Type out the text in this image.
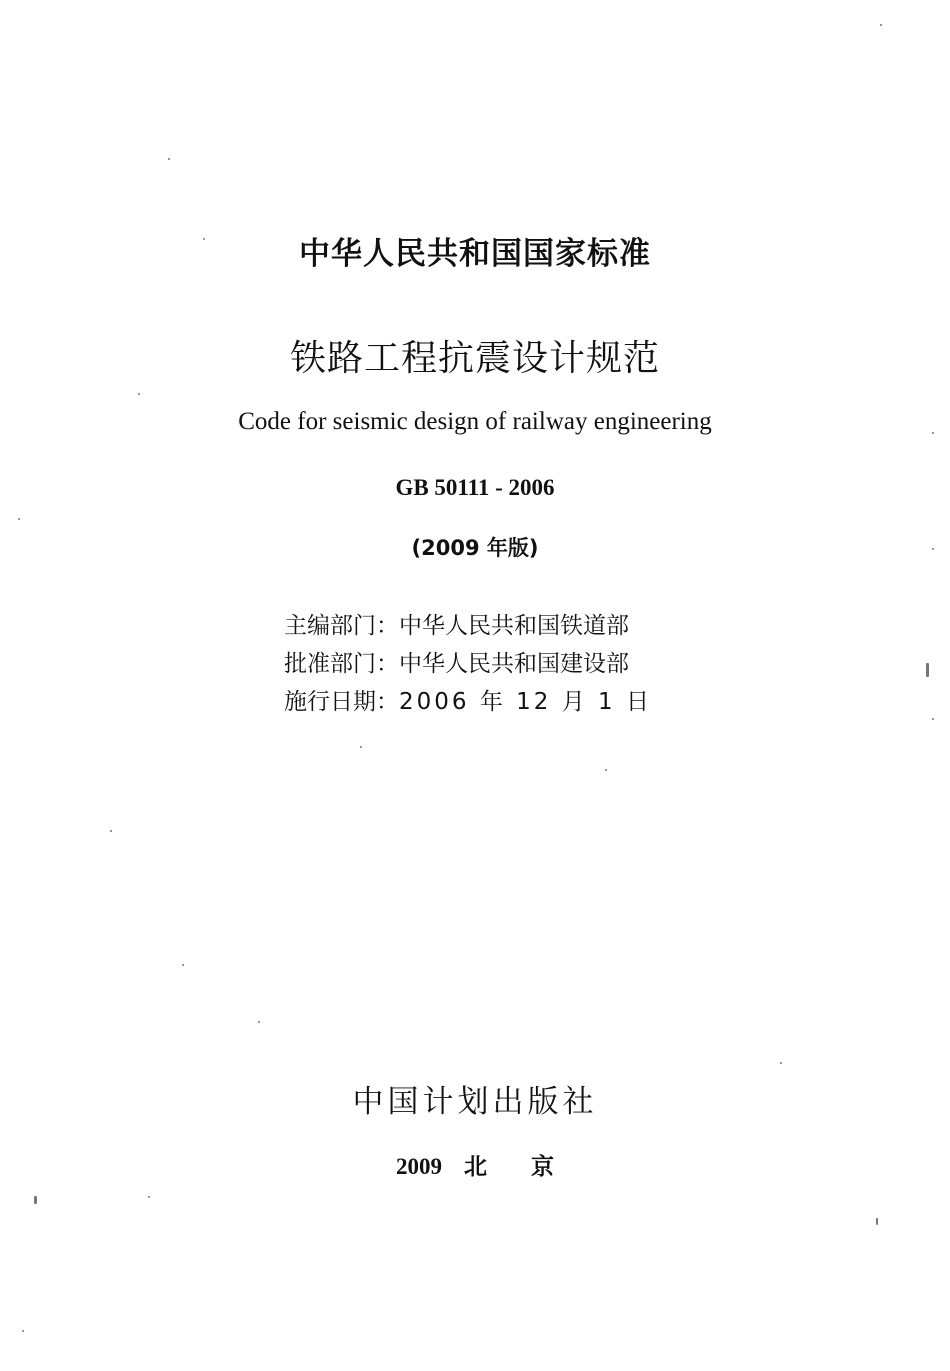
中华人民共和国国家标准
铁路工程抗震设计规范
Code for seismic design of railway engineering
GB 50111 - 2006
(2009 年版)
主编部门：中华人民共和国铁道部
批准部门：中华人民共和国建设部
施行日期：2006 年 12 月 1 日
中国计划出版社
2009 北 京
